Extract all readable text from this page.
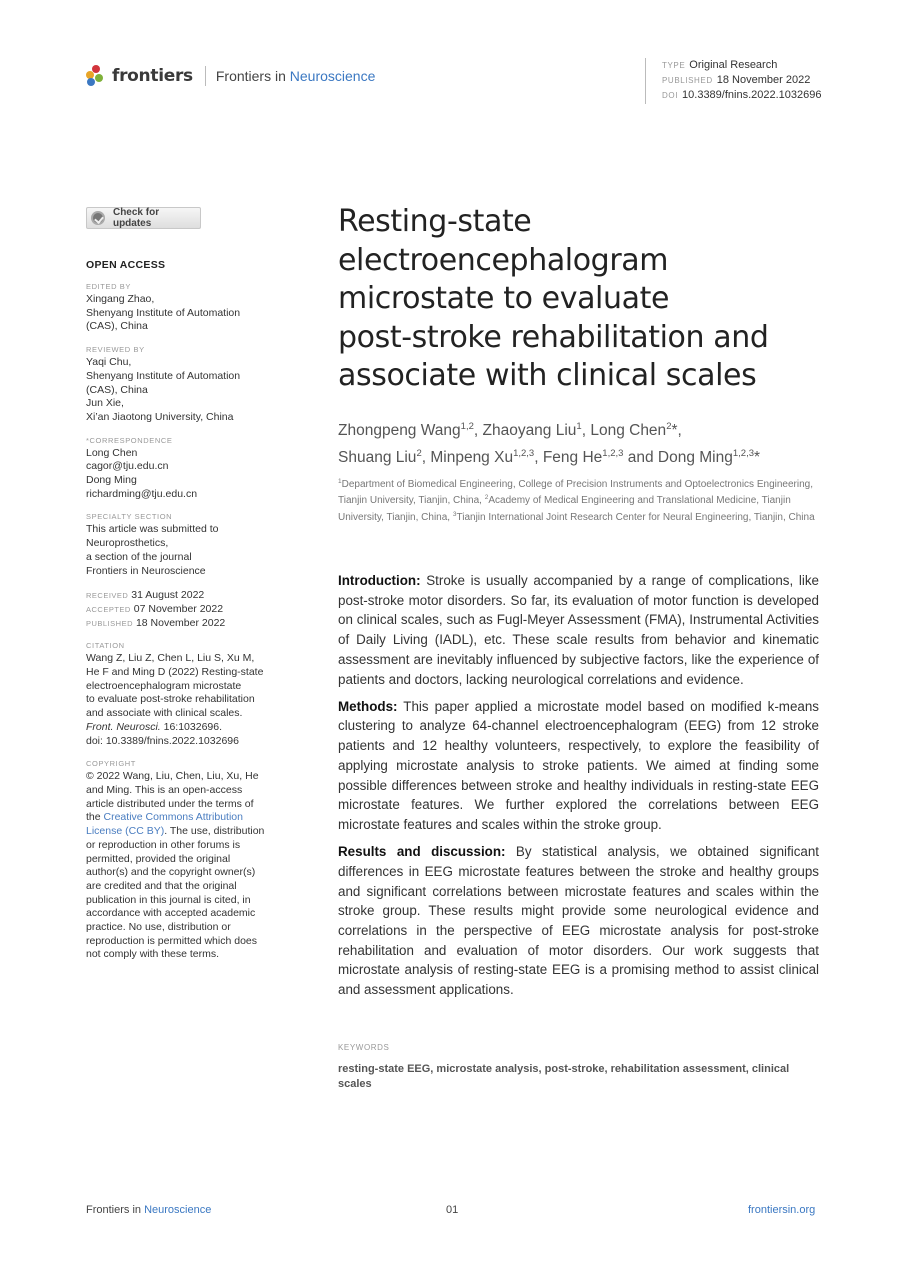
frontiers Frontiers in Neuroscience
TYPE Original Research
PUBLISHED 18 November 2022
DOI 10.3389/fnins.2022.1032696
Check for updates
OPEN ACCESS
EDITED BY
Xingang Zhao,
Shenyang Institute of Automation
(CAS), China
REVIEWED BY
Yaqi Chu,
Shenyang Institute of Automation
(CAS), China
Jun Xie,
Xi’an Jiaotong University, China
*CORRESPONDENCE
Long Chen
cagor@tju.edu.cn
Dong Ming
richardming@tju.edu.cn
SPECIALTY SECTION
This article was submitted to
Neuroprosthetics,
a section of the journal
Frontiers in Neuroscience
RECEIVED 31 August 2022
ACCEPTED 07 November 2022
PUBLISHED 18 November 2022
CITATION
Wang Z, Liu Z, Chen L, Liu S, Xu M,
He F and Ming D (2022) Resting-state
electroencephalogram microstate
to evaluate post-stroke rehabilitation
and associate with clinical scales.
Front. Neurosci. 16:1032696.
doi: 10.3389/fnins.2022.1032696
COPYRIGHT
© 2022 Wang, Liu, Chen, Liu, Xu, He
and Ming. This is an open-access
article distributed under the terms of
the Creative Commons Attribution
License (CC BY). The use, distribution
or reproduction in other forums is
permitted, provided the original
author(s) and the copyright owner(s)
are credited and that the original
publication in this journal is cited, in
accordance with accepted academic
practice. No use, distribution or
reproduction is permitted which does
not comply with these terms.
Resting-state
electroencephalogram
microstate to evaluate
post-stroke rehabilitation and
associate with clinical scales
Zhongpeng Wang$^{1,2}$, Zhaoyang Liu$^1$, Long Chen$^2$*,
Shuang Liu$^2$, Minpeng Xu$^{1,2,3}$, Feng He$^{1,2,3}$ and Dong Ming$^{1,2,3}$*
$^1$Department of Biomedical Engineering, College of Precision Instruments and Optoelectronics Engineering, Tianjin University, Tianjin, China, $^2$Academy of Medical Engineering and Translational Medicine, Tianjin University, Tianjin, China, $^3$Tianjin International Joint Research Center for Neural Engineering, Tianjin, China

Introduction: Stroke is usually accompanied by a range of complications, like post-stroke motor disorders. So far, its evaluation of motor function is developed on clinical scales, such as Fugl-Meyer Assessment (FMA), Instrumental Activities of Daily Living (IADL), etc. These scale results from behavior and kinematic assessment are inevitably influenced by subjective factors, like the experience of patients and doctors, lacking neurological correlations and evidence.

Methods: This paper applied a microstate model based on modified k-means clustering to analyze 64-channel electroencephalogram (EEG) from 12 stroke patients and 12 healthy volunteers, respectively, to explore the feasibility of applying microstate analysis to stroke patients. We aimed at finding some possible differences between stroke and healthy individuals in resting-state EEG microstate features. We further explored the correlations between EEG microstate features and scales within the stroke group.

Results and discussion: By statistical analysis, we obtained significant differences in EEG microstate features between the stroke and healthy groups and significant correlations between microstate features and scales within the stroke group. These results might provide some neurological evidence and correlations in the perspective of EEG microstate analysis for post-stroke rehabilitation and evaluation of motor disorders. Our work suggests that microstate analysis of resting-state EEG is a promising method to assist clinical and assessment applications.

KEYWORDS
resting-state EEG, microstate analysis, post-stroke, rehabilitation assessment, clinical scales
Frontiers in Neuroscience	01	frontiersin.org
